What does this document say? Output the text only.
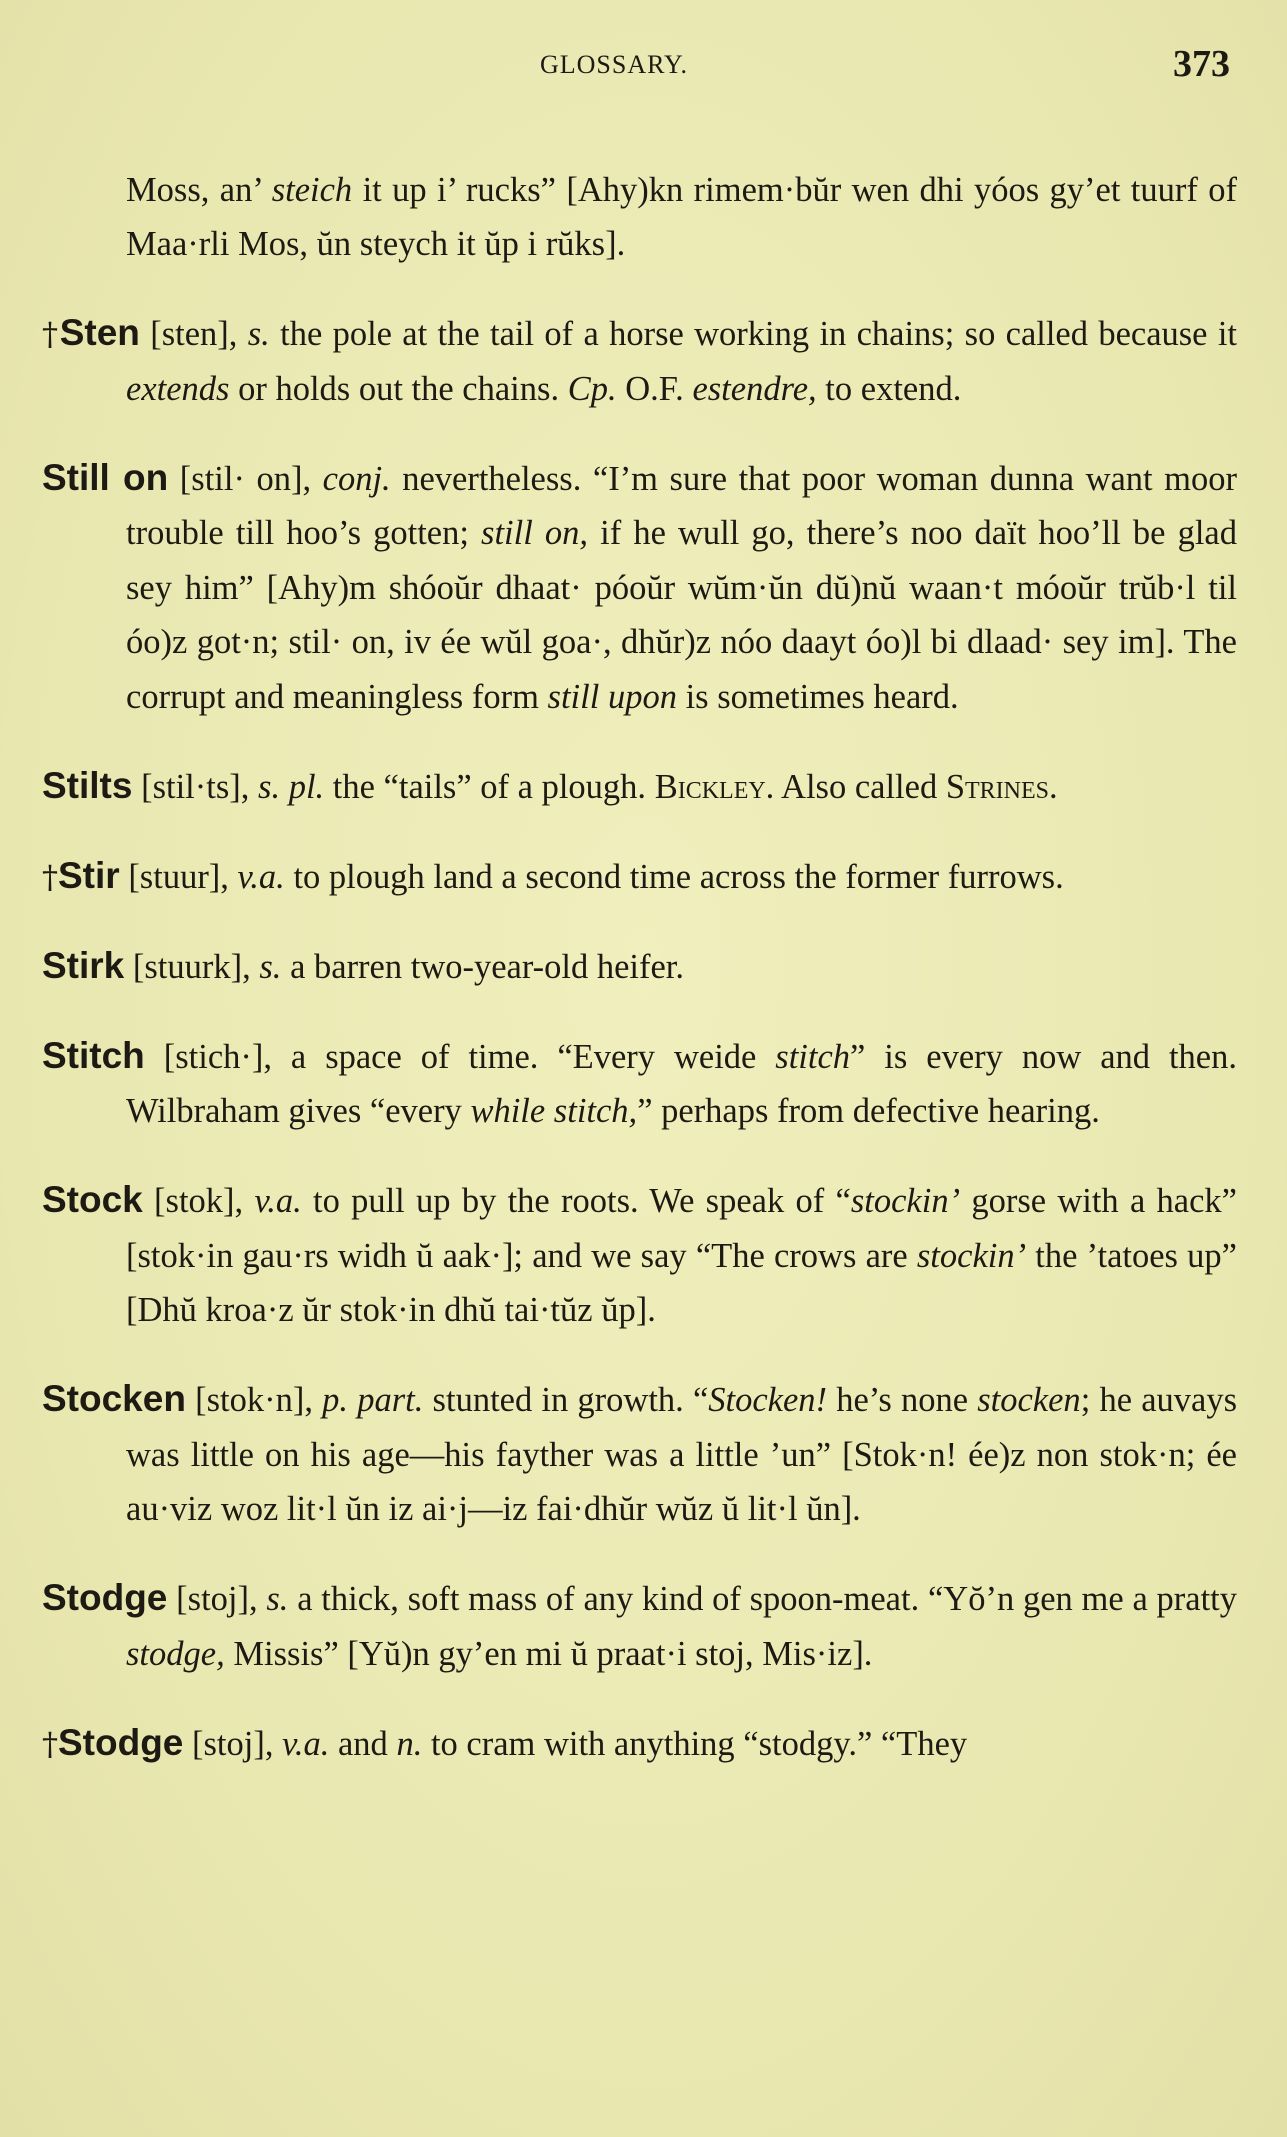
GLOSSARY.	373

Moss, an’ steich it up i’ rucks” [Ahy)kn rimem·bŭr wen dhi yóos gy’et tuurf of Maa·rli Mos, ŭn steych it ŭp i rŭks].

†Sten [sten], s. the pole at the tail of a horse working in chains; so called because it extends or holds out the chains. Cp. O.F. estendre, to extend.

Still on [stil· on], conj. nevertheless. “I’m sure that poor woman dunna want moor trouble till hoo’s gotten; still on, if he wull go, there’s noo daït hoo’ll be glad sey him” [Ahy)m shóoŭr dhaat· póoŭr wŭm·ŭn dŭ)nŭ waan·t móoŭr trŭb·l til óo)z got·n; stil· on, iv ée wŭl goa·, dhŭr)z nóo daayt óo)l bi dlaad· sey im]. The corrupt and meaningless form still upon is sometimes heard.

Stilts [stil·ts], s. pl. the “tails” of a plough. Bickley. Also called Strines.

†Stir [stuur], v.a. to plough land a second time across the former furrows.

Stirk [stuurk], s. a barren two-year-old heifer.

Stitch [stich·], a space of time. “Every weide stitch” is every now and then. Wilbraham gives “every while stitch,” perhaps from defective hearing.

Stock [stok], v.a. to pull up by the roots. We speak of “stockin’ gorse with a hack” [stok·in gau·rs widh ŭ aak·]; and we say “The crows are stockin’ the ’tatoes up” [Dhŭ kroa·z ŭr stok·in dhŭ tai·tŭz ŭp].

Stocken [stok·n], p. part. stunted in growth. “Stocken! he’s none stocken; he auvays was little on his age—his fayther was a little ’un” [Stok·n! ée)z non stok·n; ée au·viz woz lit·l ŭn iz ai·j—iz fai·dhŭr wŭz ŭ lit·l ŭn].

Stodge [stoj], s. a thick, soft mass of any kind of spoon-meat. “Yŏ’n gen me a pratty stodge, Missis” [Yŭ)n gy’en mi ŭ praat·i stoj, Mis·iz].

†Stodge [stoj], v.a. and n. to cram with anything “stodgy.” “They
